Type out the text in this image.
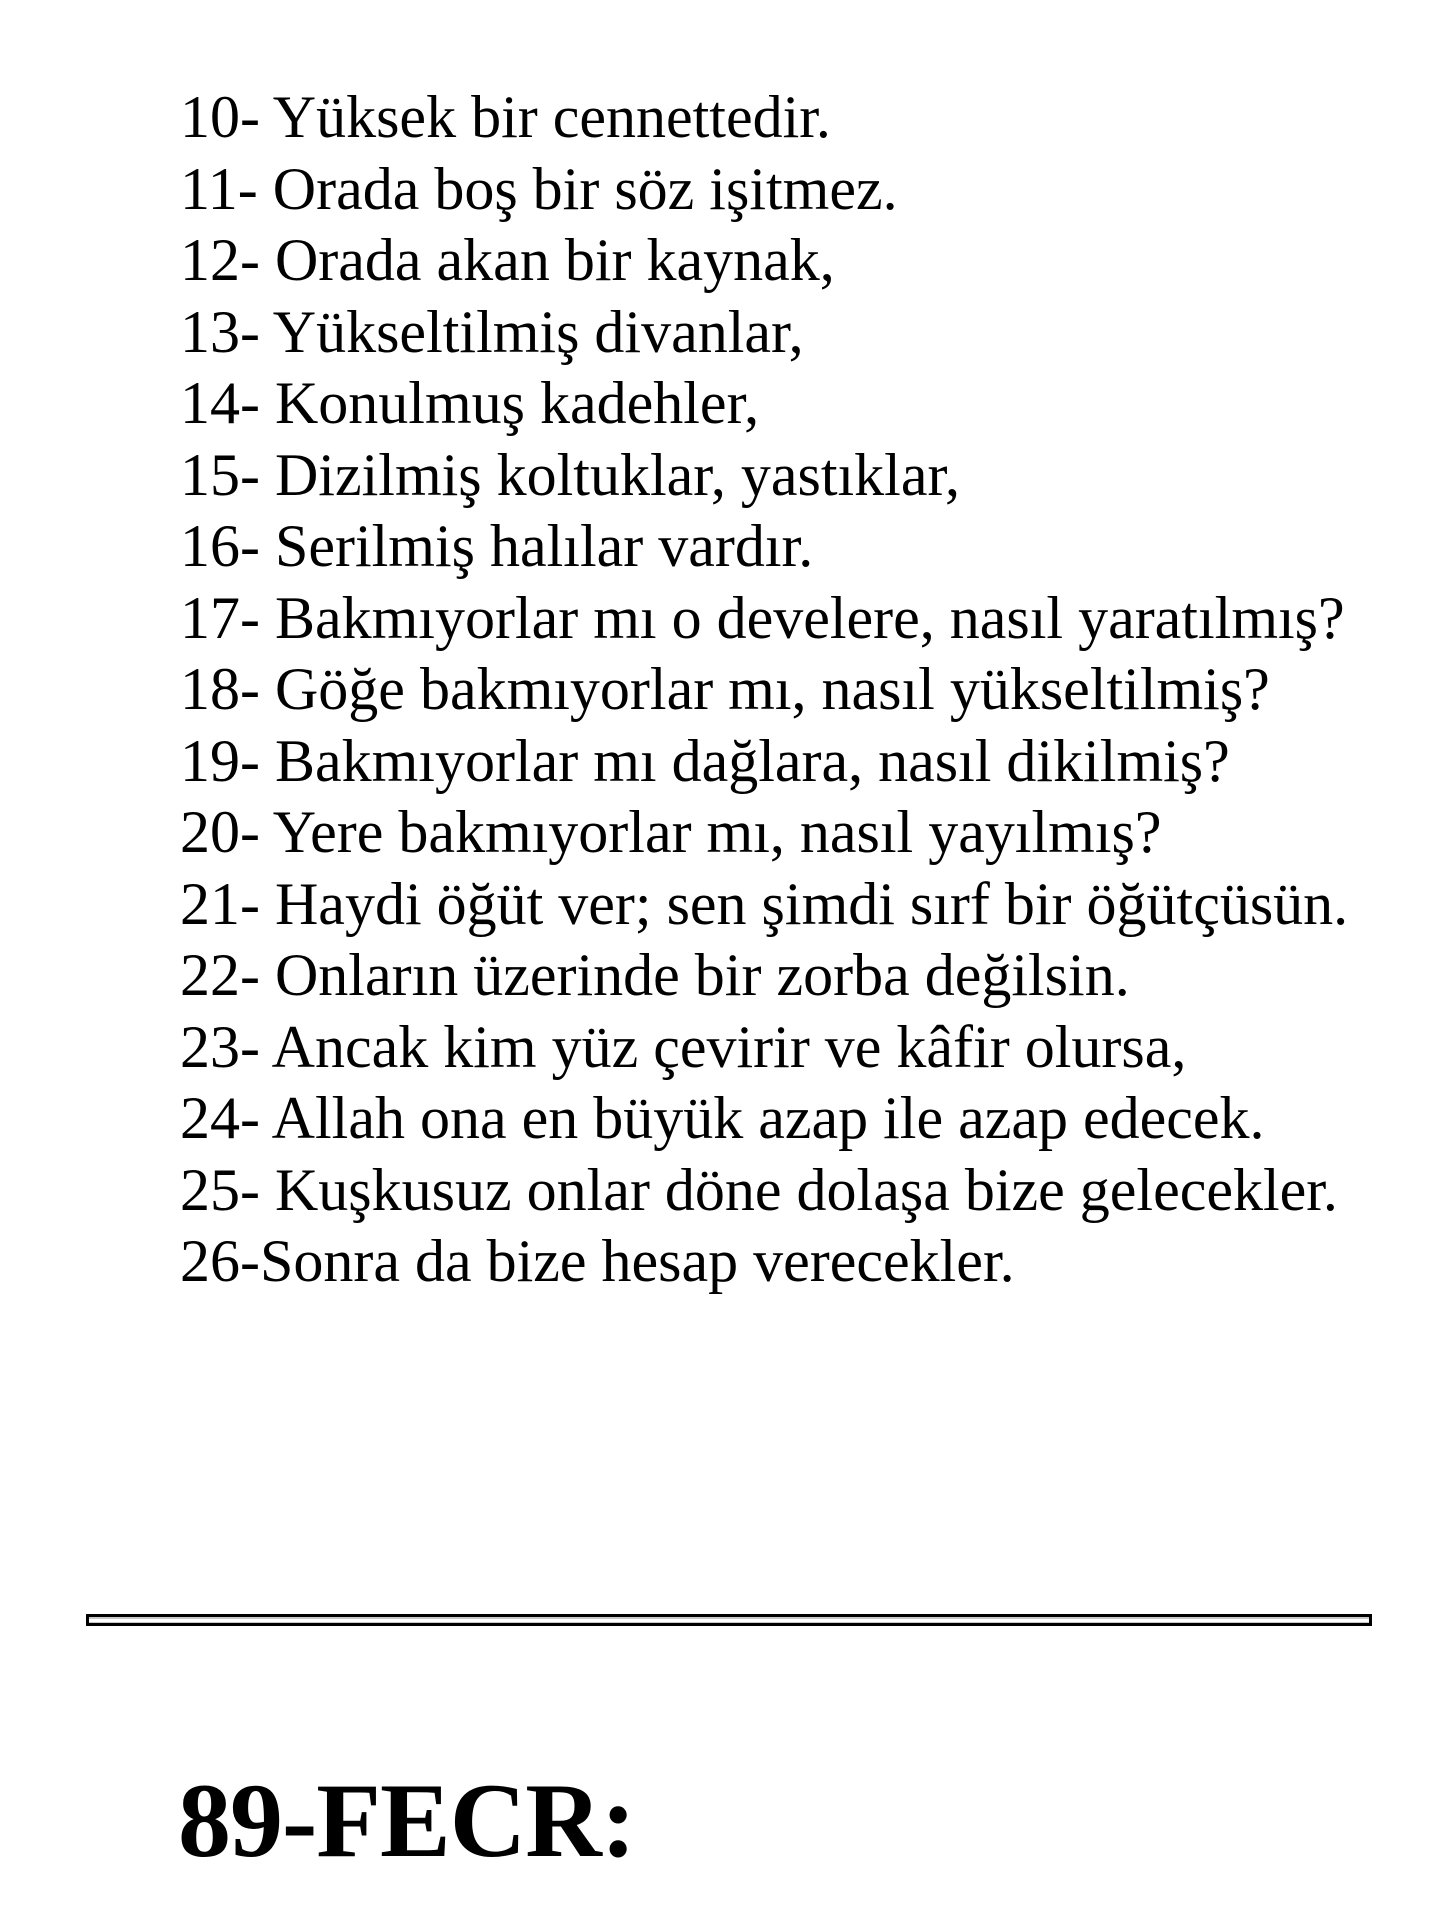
10- Yüksek bir cennettedir.
11- Orada boş bir söz işitmez.
12- Orada akan bir kaynak,
13- Yükseltilmiş divanlar,
14- Konulmuş kadehler,
15- Dizilmiş koltuklar, yastıklar,
16- Serilmiş halılar vardır.
17- Bakmıyorlar mı o develere, nasıl yaratılmış?
18- Göğe bakmıyorlar mı, nasıl yükseltilmiş?
19- Bakmıyorlar mı dağlara, nasıl dikilmiş?
20- Yere bakmıyorlar mı, nasıl yayılmış?
21- Haydi öğüt ver; sen şimdi sırf bir öğütçüsün.
22- Onların üzerinde bir zorba değilsin.
23- Ancak kim yüz çevirir ve kâfir olursa,
24- Allah ona en büyük azap ile azap edecek.
25- Kuşkusuz onlar döne dolaşa bize gelecekler.
26-Sonra da bize hesap verecekler.
89-FECR:
